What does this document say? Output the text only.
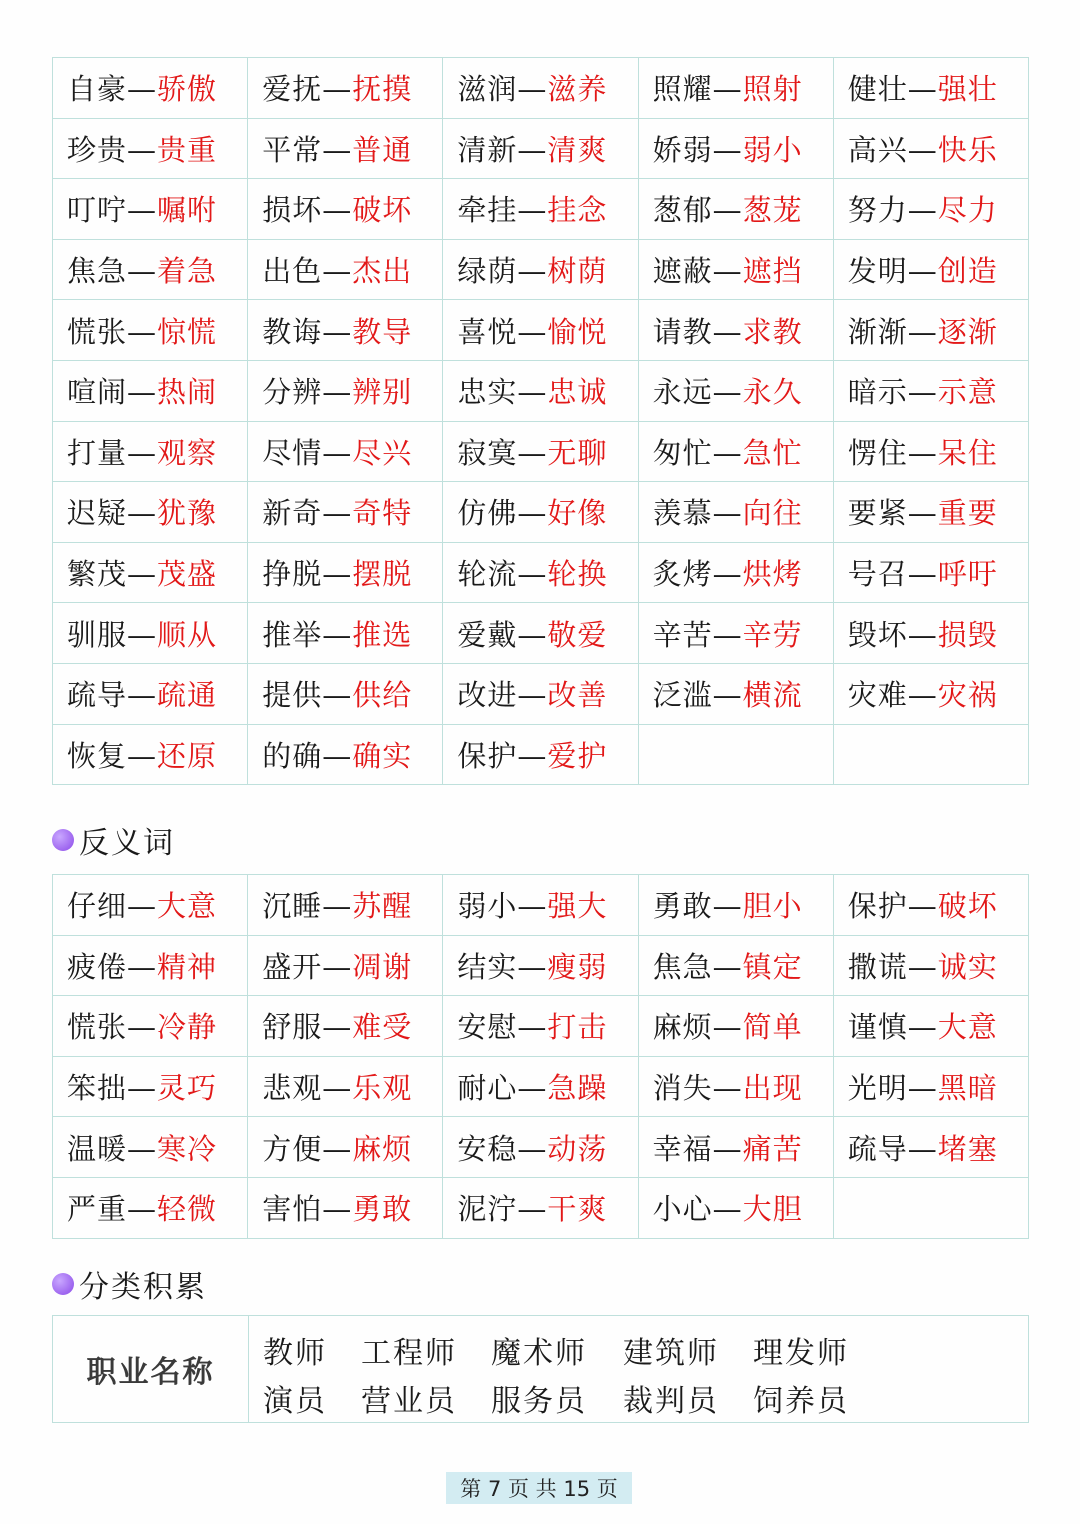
自豪—骄傲	爱抚—抚摸	滋润—滋养	照耀—照射	健壮—强壮
珍贵—贵重	平常—普通	清新—清爽	娇弱—弱小	高兴—快乐
叮咛—嘱咐	损坏—破坏	牵挂—挂念	葱郁—葱茏	努力—尽力
焦急—着急	出色—杰出	绿荫—树荫	遮蔽—遮挡	发明—创造
慌张—惊慌	教诲—教导	喜悦—愉悦	请教—求教	渐渐—逐渐
喧闹—热闹	分辨—辨别	忠实—忠诚	永远—永久	暗示—示意
打量—观察	尽情—尽兴	寂寞—无聊	匆忙—急忙	愣住—呆住
迟疑—犹豫	新奇—奇特	仿佛—好像	羡慕—向往	要紧—重要
繁茂—茂盛	挣脱—摆脱	轮流—轮换	炙烤—烘烤	号召—呼吁
驯服—顺从	推举—推选	爱戴—敬爱	辛苦—辛劳	毁坏—损毁
疏导—疏通	提供—供给	改进—改善	泛滥—横流	灾难—灾祸
恢复—还原	的确—确实	保护—爱护		
反义词
仔细—大意	沉睡—苏醒	弱小—强大	勇敢—胆小	保护—破坏
疲倦—精神	盛开—凋谢	结实—瘦弱	焦急—镇定	撒谎—诚实
慌张—冷静	舒服—难受	安慰—打击	麻烦—简单	谨慎—大意
笨拙—灵巧	悲观—乐观	耐心—急躁	消失—出现	光明—黑暗
温暖—寒冷	方便—麻烦	安稳—动荡	幸福—痛苦	疏导—堵塞
严重—轻微	害怕—勇敢	泥泞—干爽	小心—大胆	
分类积累
职业名称
教师	工程师	魔术师	建筑师	理发师
演员	营业员	服务员	裁判员	饲养员
第 7 页 共 15 页
